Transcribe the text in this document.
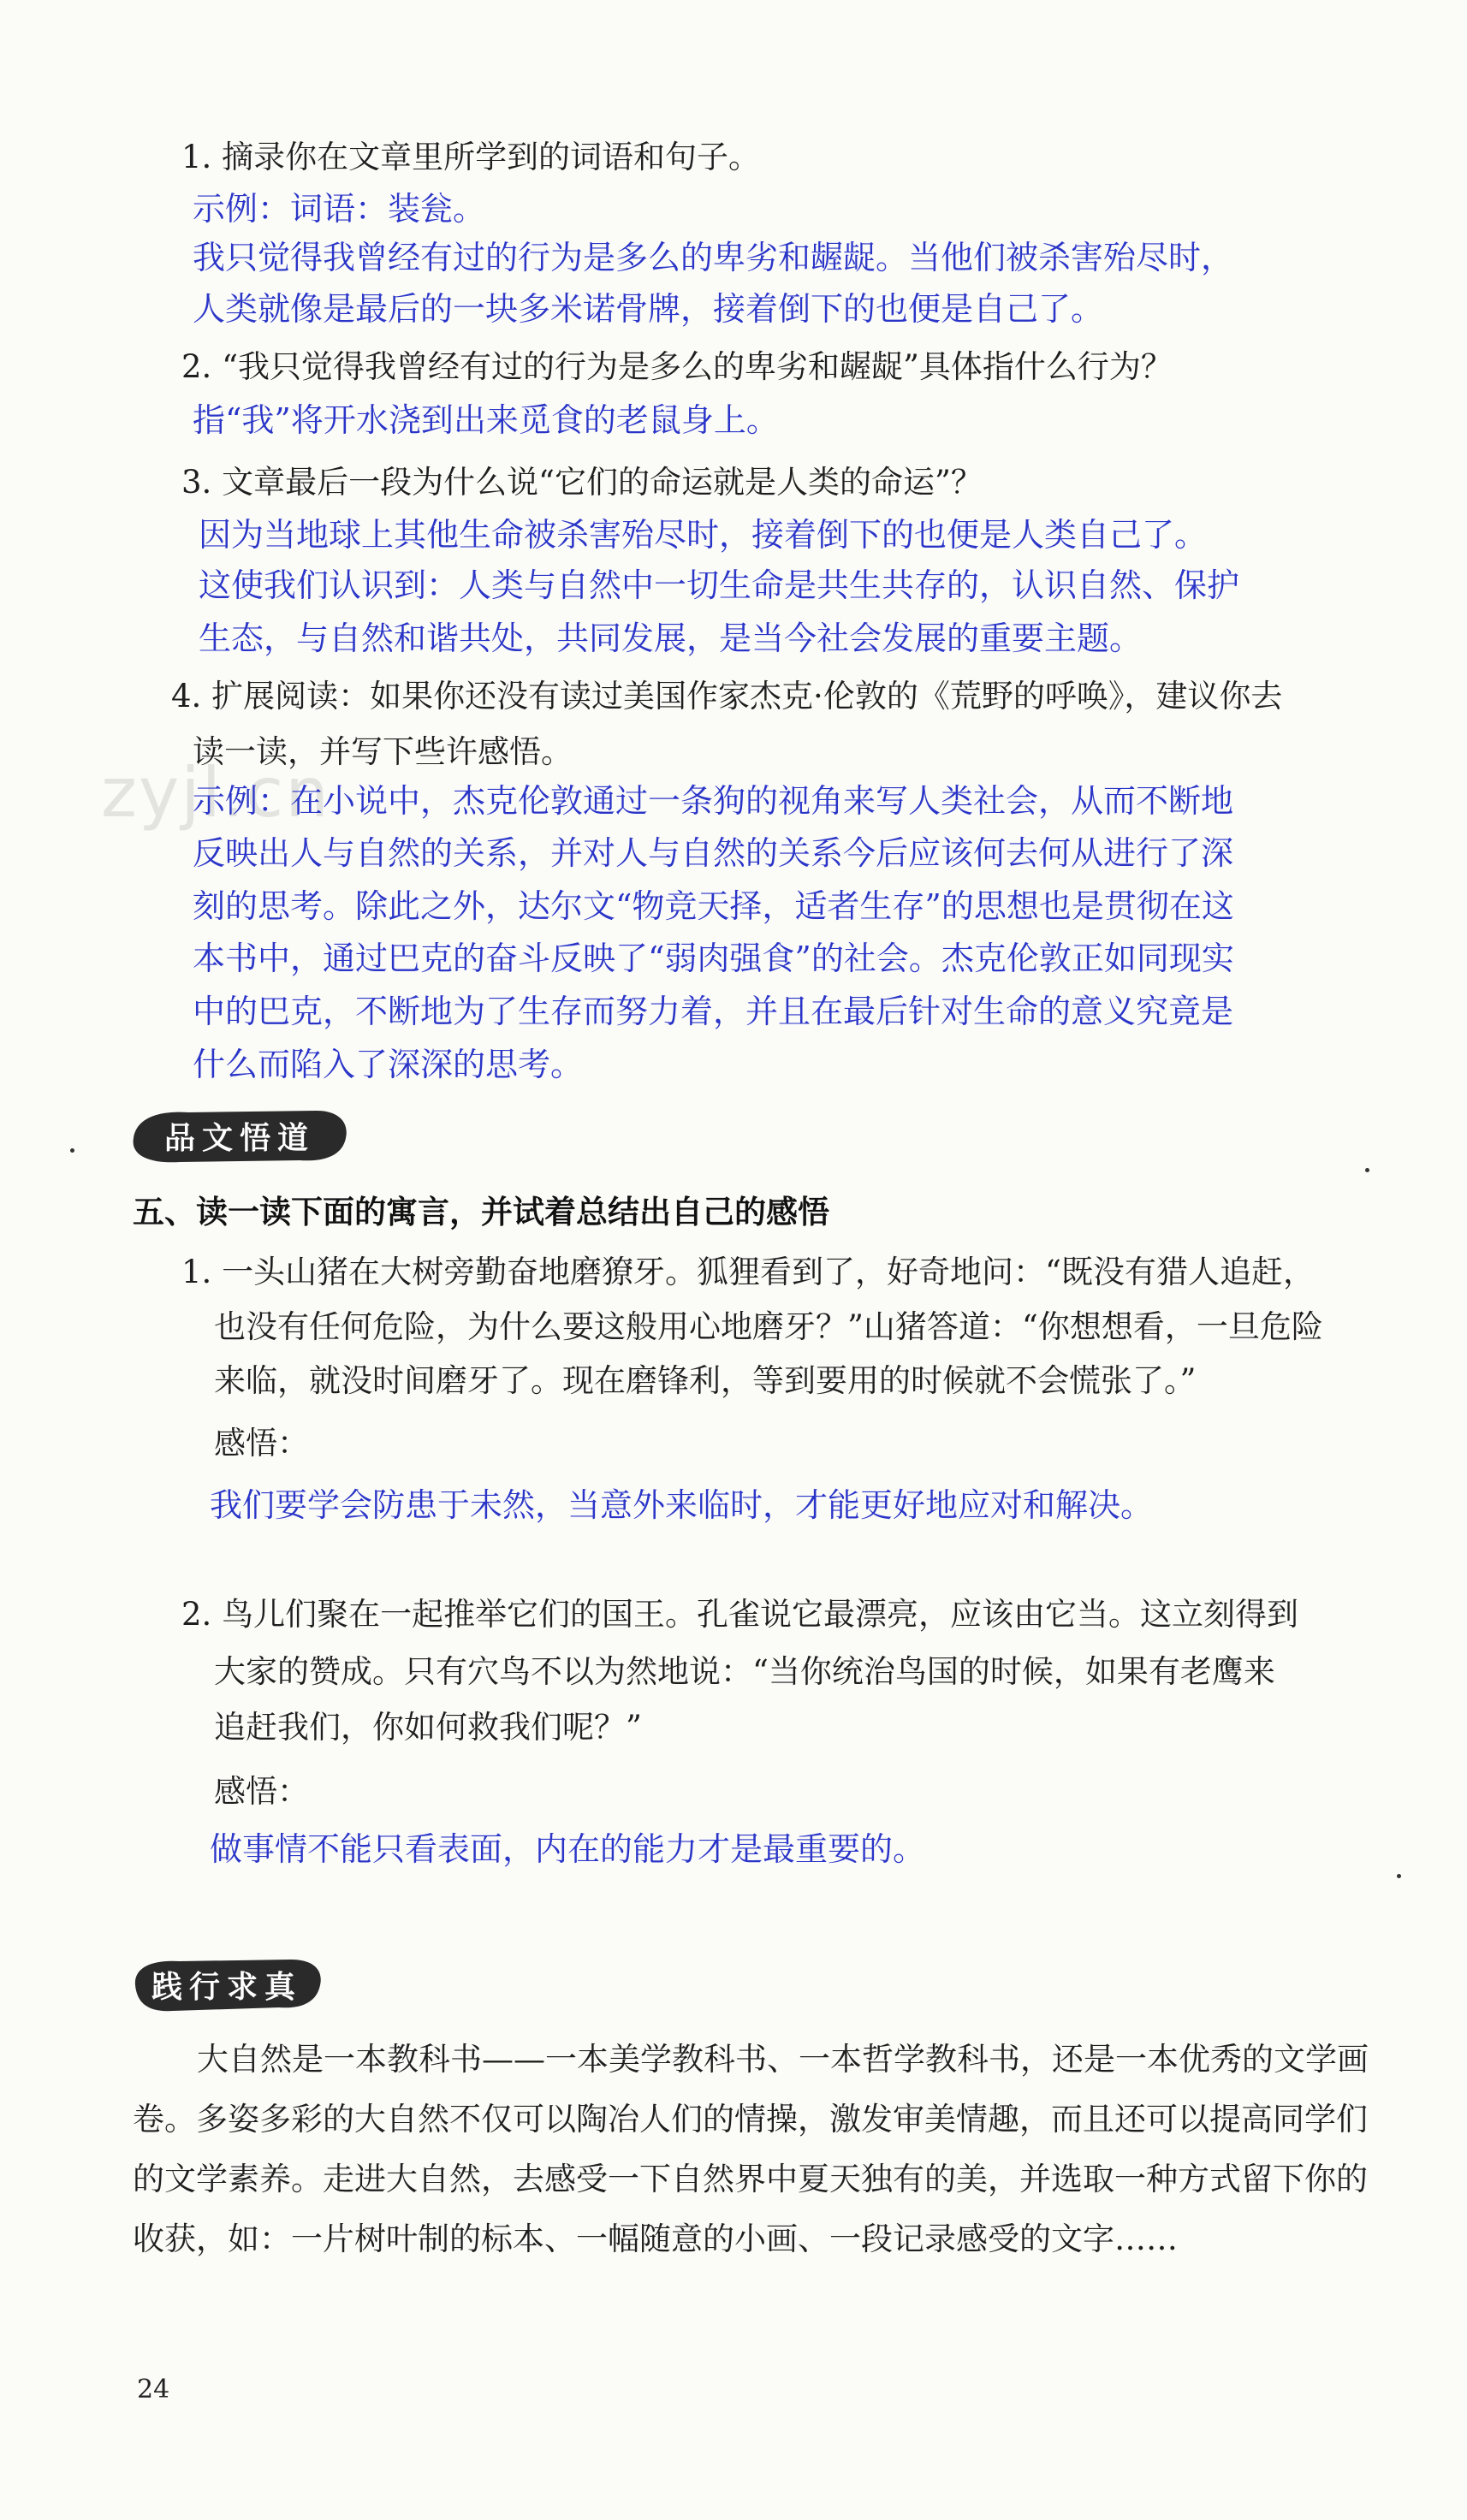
zyjl.cn
1. 摘录你在文章里所学到的词语和句子。
示例：词语：装瓮。
我只觉得我曾经有过的行为是多么的卑劣和龌龊。当他们被杀害殆尽时，
人类就像是最后的一块多米诺骨牌，接着倒下的也便是自己了。
2. “我只觉得我曾经有过的行为是多么的卑劣和龌龊”具体指什么行为？
指“我”将开水浇到出来觅食的老鼠身上。
3. 文章最后一段为什么说“它们的命运就是人类的命运”？
因为当地球上其他生命被杀害殆尽时，接着倒下的也便是人类自己了。
这使我们认识到：人类与自然中一切生命是共生共存的，认识自然、保护
生态，与自然和谐共处，共同发展，是当今社会发展的重要主题。
4. 扩展阅读：如果你还没有读过美国作家杰克·伦敦的《荒野的呼唤》，建议你去
读一读，并写下些许感悟。
示例：在小说中，杰克伦敦通过一条狗的视角来写人类社会，从而不断地
反映出人与自然的关系，并对人与自然的关系今后应该何去何从进行了深
刻的思考。除此之外，达尔文“物竞天择，适者生存”的思想也是贯彻在这
本书中，通过巴克的奋斗反映了“弱肉强食”的社会。杰克伦敦正如同现实
中的巴克，不断地为了生存而努力着，并且在最后针对生命的意义究竟是
什么而陷入了深深的思考。
品文悟道
五、读一读下面的寓言，并试着总结出自己的感悟
1. 一头山猪在大树旁勤奋地磨獠牙。狐狸看到了，好奇地问：“既没有猎人追赶，
也没有任何危险，为什么要这般用心地磨牙？”山猪答道：“你想想看，一旦危险
来临，就没时间磨牙了。现在磨锋利，等到要用的时候就不会慌张了。”
感悟：
我们要学会防患于未然，当意外来临时，才能更好地应对和解决。
2. 鸟儿们聚在一起推举它们的国王。孔雀说它最漂亮，应该由它当。这立刻得到
大家的赞成。只有穴鸟不以为然地说：“当你统治鸟国的时候，如果有老鹰来
追赶我们，你如何救我们呢？”
感悟：
做事情不能只看表面，内在的能力才是最重要的。
践行求真
大自然是一本教科书——一本美学教科书、一本哲学教科书，还是一本优秀的文学画
卷。多姿多彩的大自然不仅可以陶冶人们的情操，激发审美情趣，而且还可以提高同学们
的文学素养。走进大自然，去感受一下自然界中夏天独有的美，并选取一种方式留下你的
收获，如：一片树叶制的标本、一幅随意的小画、一段记录感受的文字……
24
